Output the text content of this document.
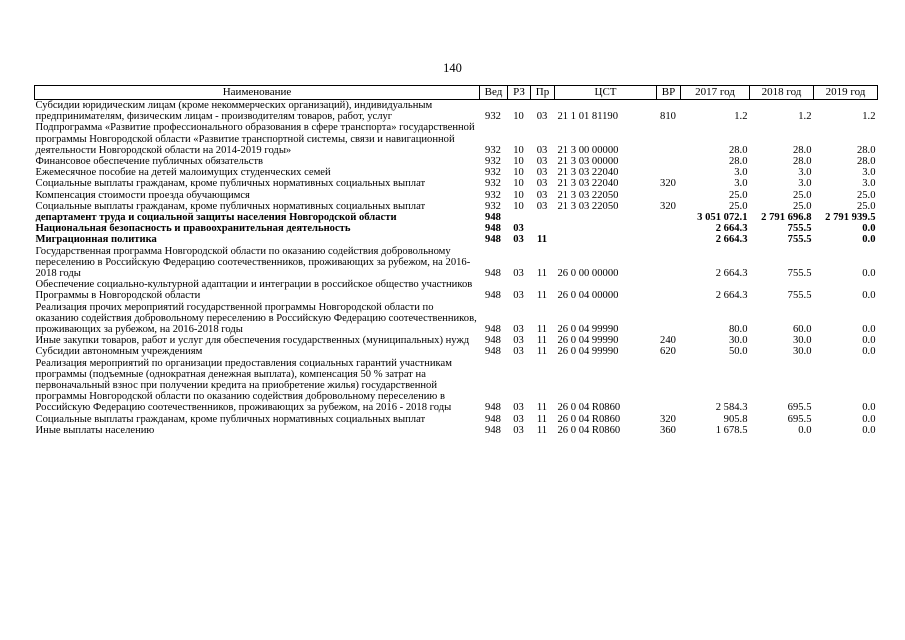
140
Наименование	Вед	РЗ	Пр	ЦСТ	ВР	2017 год	2018 год	2019 год
Субсидии юридическим лицам (кроме некоммерческих организаций), индивидуальным предпринимателям, физическим лицам - производителям товаров, работ, услуг	932	10	03	21 1 01 81190	810	1.2	1.2	1.2
Подпрограмма «Развитие профессионального образования в сфере транспорта» государственной программы Новгородской области «Развитие транспортной системы, связи и навигационной деятельности Новгородской области на 2014-2019 годы»	932	10	03	21 3 00 00000		28.0	28.0	28.0
Финансовое обеспечение публичных обязательств	932	10	03	21 3 03 00000		28.0	28.0	28.0
Ежемесячное пособие на детей малоимущих студенческих семей	932	10	03	21 3 03 22040		3.0	3.0	3.0
Социальные выплаты гражданам, кроме публичных нормативных социальных выплат	932	10	03	21 3 03 22040	320	3.0	3.0	3.0
Компенсация стоимости проезда обучающимся	932	10	03	21 3 03 22050		25.0	25.0	25.0
Социальные выплаты гражданам, кроме публичных нормативных социальных выплат	932	10	03	21 3 03 22050	320	25.0	25.0	25.0
департамент труда и социальной защиты населения Новгородской области	948					3 051 072.1	2 791 696.8	2 791 939.5
Национальная безопасность и правоохранительная деятельность	948	03				2 664.3	755.5	0.0
Миграционная политика	948	03	11			2 664.3	755.5	0.0
Государственная программа Новгородской области по оказанию содействия добровольному переселению в Российскую Федерацию соотечественников, проживающих за рубежом, на 2016-2018 годы	948	03	11	26 0 00 00000		2 664.3	755.5	0.0
Обеспечение социально-культурной адаптации и интеграции в российское общество участников Программы в Новгородской области	948	03	11	26 0 04 00000		2 664.3	755.5	0.0
Реализация прочих мероприятий государственной программы Новгородской области по оказанию содействия добровольному переселению в Российскую Федерацию соотечественников, проживающих за рубежом, на 2016-2018 годы	948	03	11	26 0 04 99990		80.0	60.0	0.0
Иные закупки товаров, работ и услуг для обеспечения государственных (муниципальных) нужд	948	03	11	26 0 04 99990	240	30.0	30.0	0.0
Субсидии автономным учреждениям	948	03	11	26 0 04 99990	620	50.0	30.0	0.0
Реализация мероприятий по организации предоставления социальных гарантий участникам программы (подъемные (однократная денежная выплата), компенсация 50 % затрат на первоначальный взнос при получении кредита на приобретение жилья) государственной программы Новгородской области по оказанию содействия добровольному переселению в Российскую Федерацию соотечественников, проживающих за рубежом, на 2016 - 2018 годы	948	03	11	26 0 04 R0860		2 584.3	695.5	0.0
Социальные выплаты гражданам, кроме публичных нормативных социальных выплат	948	03	11	26 0 04 R0860	320	905.8	695.5	0.0
Иные выплаты населению	948	03	11	26 0 04 R0860	360	1 678.5	0.0	0.0
